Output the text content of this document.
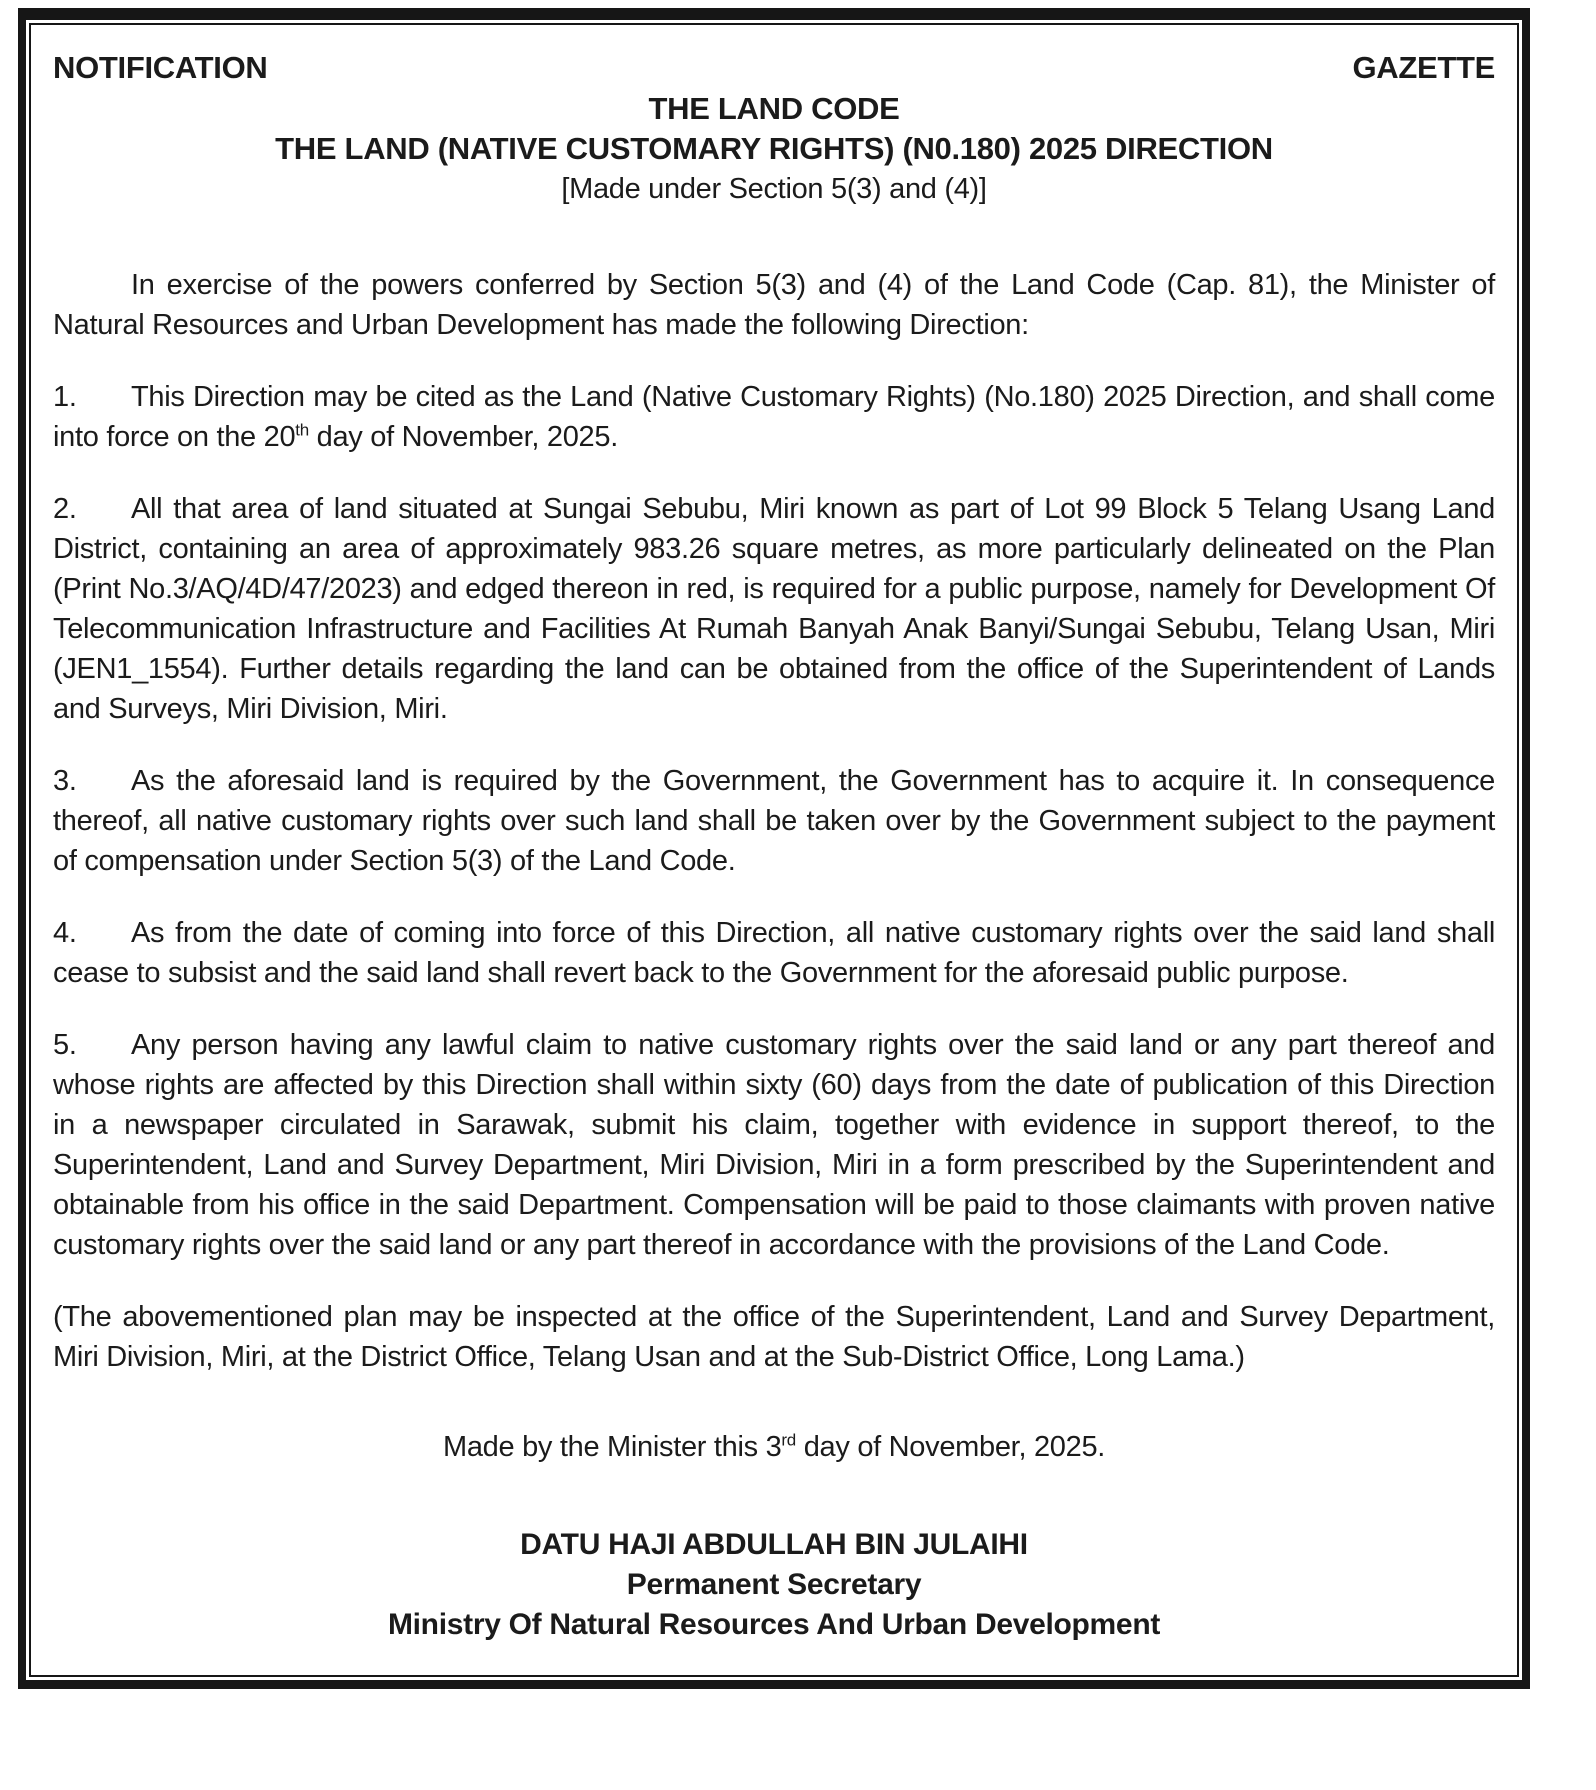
NOTIFICATION	GAZETTE
THE LAND CODE
THE LAND (NATIVE CUSTOMARY RIGHTS) (N0.180) 2025 DIRECTION
[Made under Section 5(3) and (4)]

In exercise of the powers conferred by Section 5(3) and (4) of the Land Code (Cap. 81), the Minister of Natural Resources and Urban Development has made the following Direction:

1. This Direction may be cited as the Land (Native Customary Rights) (No.180) 2025 Direction, and shall come into force on the 20th day of November, 2025.

2. All that area of land situated at Sungai Sebubu, Miri known as part of Lot 99 Block 5 Telang Usang Land District, containing an area of approximately 983.26 square metres, as more particularly delineated on the Plan (Print No.3/AQ/4D/47/2023) and edged thereon in red, is required for a public purpose, namely for Development Of Telecommunication Infrastructure and Facilities At Rumah Banyah Anak Banyi/Sungai Sebubu, Telang Usan, Miri (JEN1_1554). Further details regarding the land can be obtained from the office of the Superintendent of Lands and Surveys, Miri Division, Miri.

3. As the aforesaid land is required by the Government, the Government has to acquire it. In consequence thereof, all native customary rights over such land shall be taken over by the Government subject to the payment of compensation under Section 5(3) of the Land Code.

4. As from the date of coming into force of this Direction, all native customary rights over the said land shall cease to subsist and the said land shall revert back to the Government for the aforesaid public purpose.

5. Any person having any lawful claim to native customary rights over the said land or any part thereof and whose rights are affected by this Direction shall within sixty (60) days from the date of publication of this Direction in a newspaper circulated in Sarawak, submit his claim, together with evidence in support thereof, to the Superintendent, Land and Survey Department, Miri Division, Miri in a form prescribed by the Superintendent and obtainable from his office in the said Department. Compensation will be paid to those claimants with proven native customary rights over the said land or any part thereof in accordance with the provisions of the Land Code.

(The abovementioned plan may be inspected at the office of the Superintendent, Land and Survey Department, Miri Division, Miri, at the District Office, Telang Usan and at the Sub-District Office, Long Lama.)

Made by the Minister this 3rd day of November, 2025.

DATU HAJI ABDULLAH BIN JULAIHI
Permanent Secretary
Ministry Of Natural Resources And Urban Development
